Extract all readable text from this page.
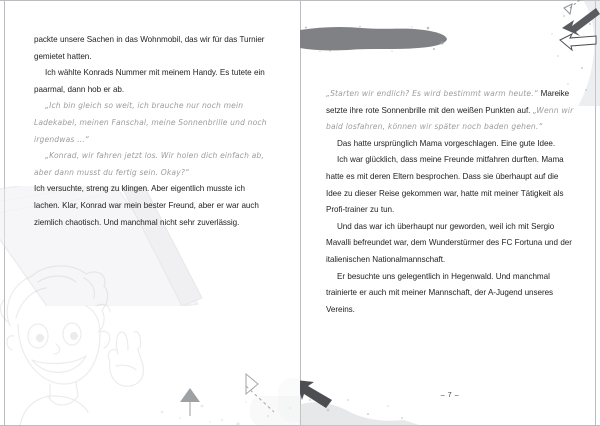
packte unsere Sachen in das Wohnmobil, das wir für das Turnier gemietet hatten.

Ich wählte Konrads Nummer mit meinem Handy. Es tutete ein paarmal, dann hob er ab.

„Ich bin gleich so weit, ich brauche nur noch mein Ladekabel, meinen Fanschal, meine Sonnenbrille und noch irgendwas …“

„Konrad, wir fahren jetzt los. Wir holen dich einfach ab, aber dann musst du fertig sein. Okay?“

Ich versuchte, streng zu klingen. Aber eigentlich musste ich lachen. Klar, Konrad war mein bester Freund, aber er war auch ziemlich chaotisch. Und manchmal nicht sehr zuverlässig.

KAPITEL 2

„Starten wir endlich? Es wird bestimmt warm heute.“ Mareike setzte ihre rote Sonnenbrille mit den weißen Punkten auf. „Wenn wir bald losfahren, können wir später noch baden gehen.“

Das hatte ursprünglich Mama vorgeschlagen. Eine gute Idee.

Ich war glücklich, dass meine Freunde mitfahren durften. Mama hatte es mit deren Eltern besprochen. Dass sie überhaupt auf die Idee zu dieser Reise gekommen war, hatte mit meiner Tätigkeit als Profi-trainer zu tun.

Und das war ich überhaupt nur geworden, weil ich mit Sergio Mavalli befreundet war, dem Wunderstürmer des FC Fortuna und der italienischen Nationalmannschaft.

Er besuchte uns gelegentlich in Hegenwald. Und manchmal trainierte er auch mit meiner Mannschaft, der A-Jugend unseres Vereins.

– 7 –
